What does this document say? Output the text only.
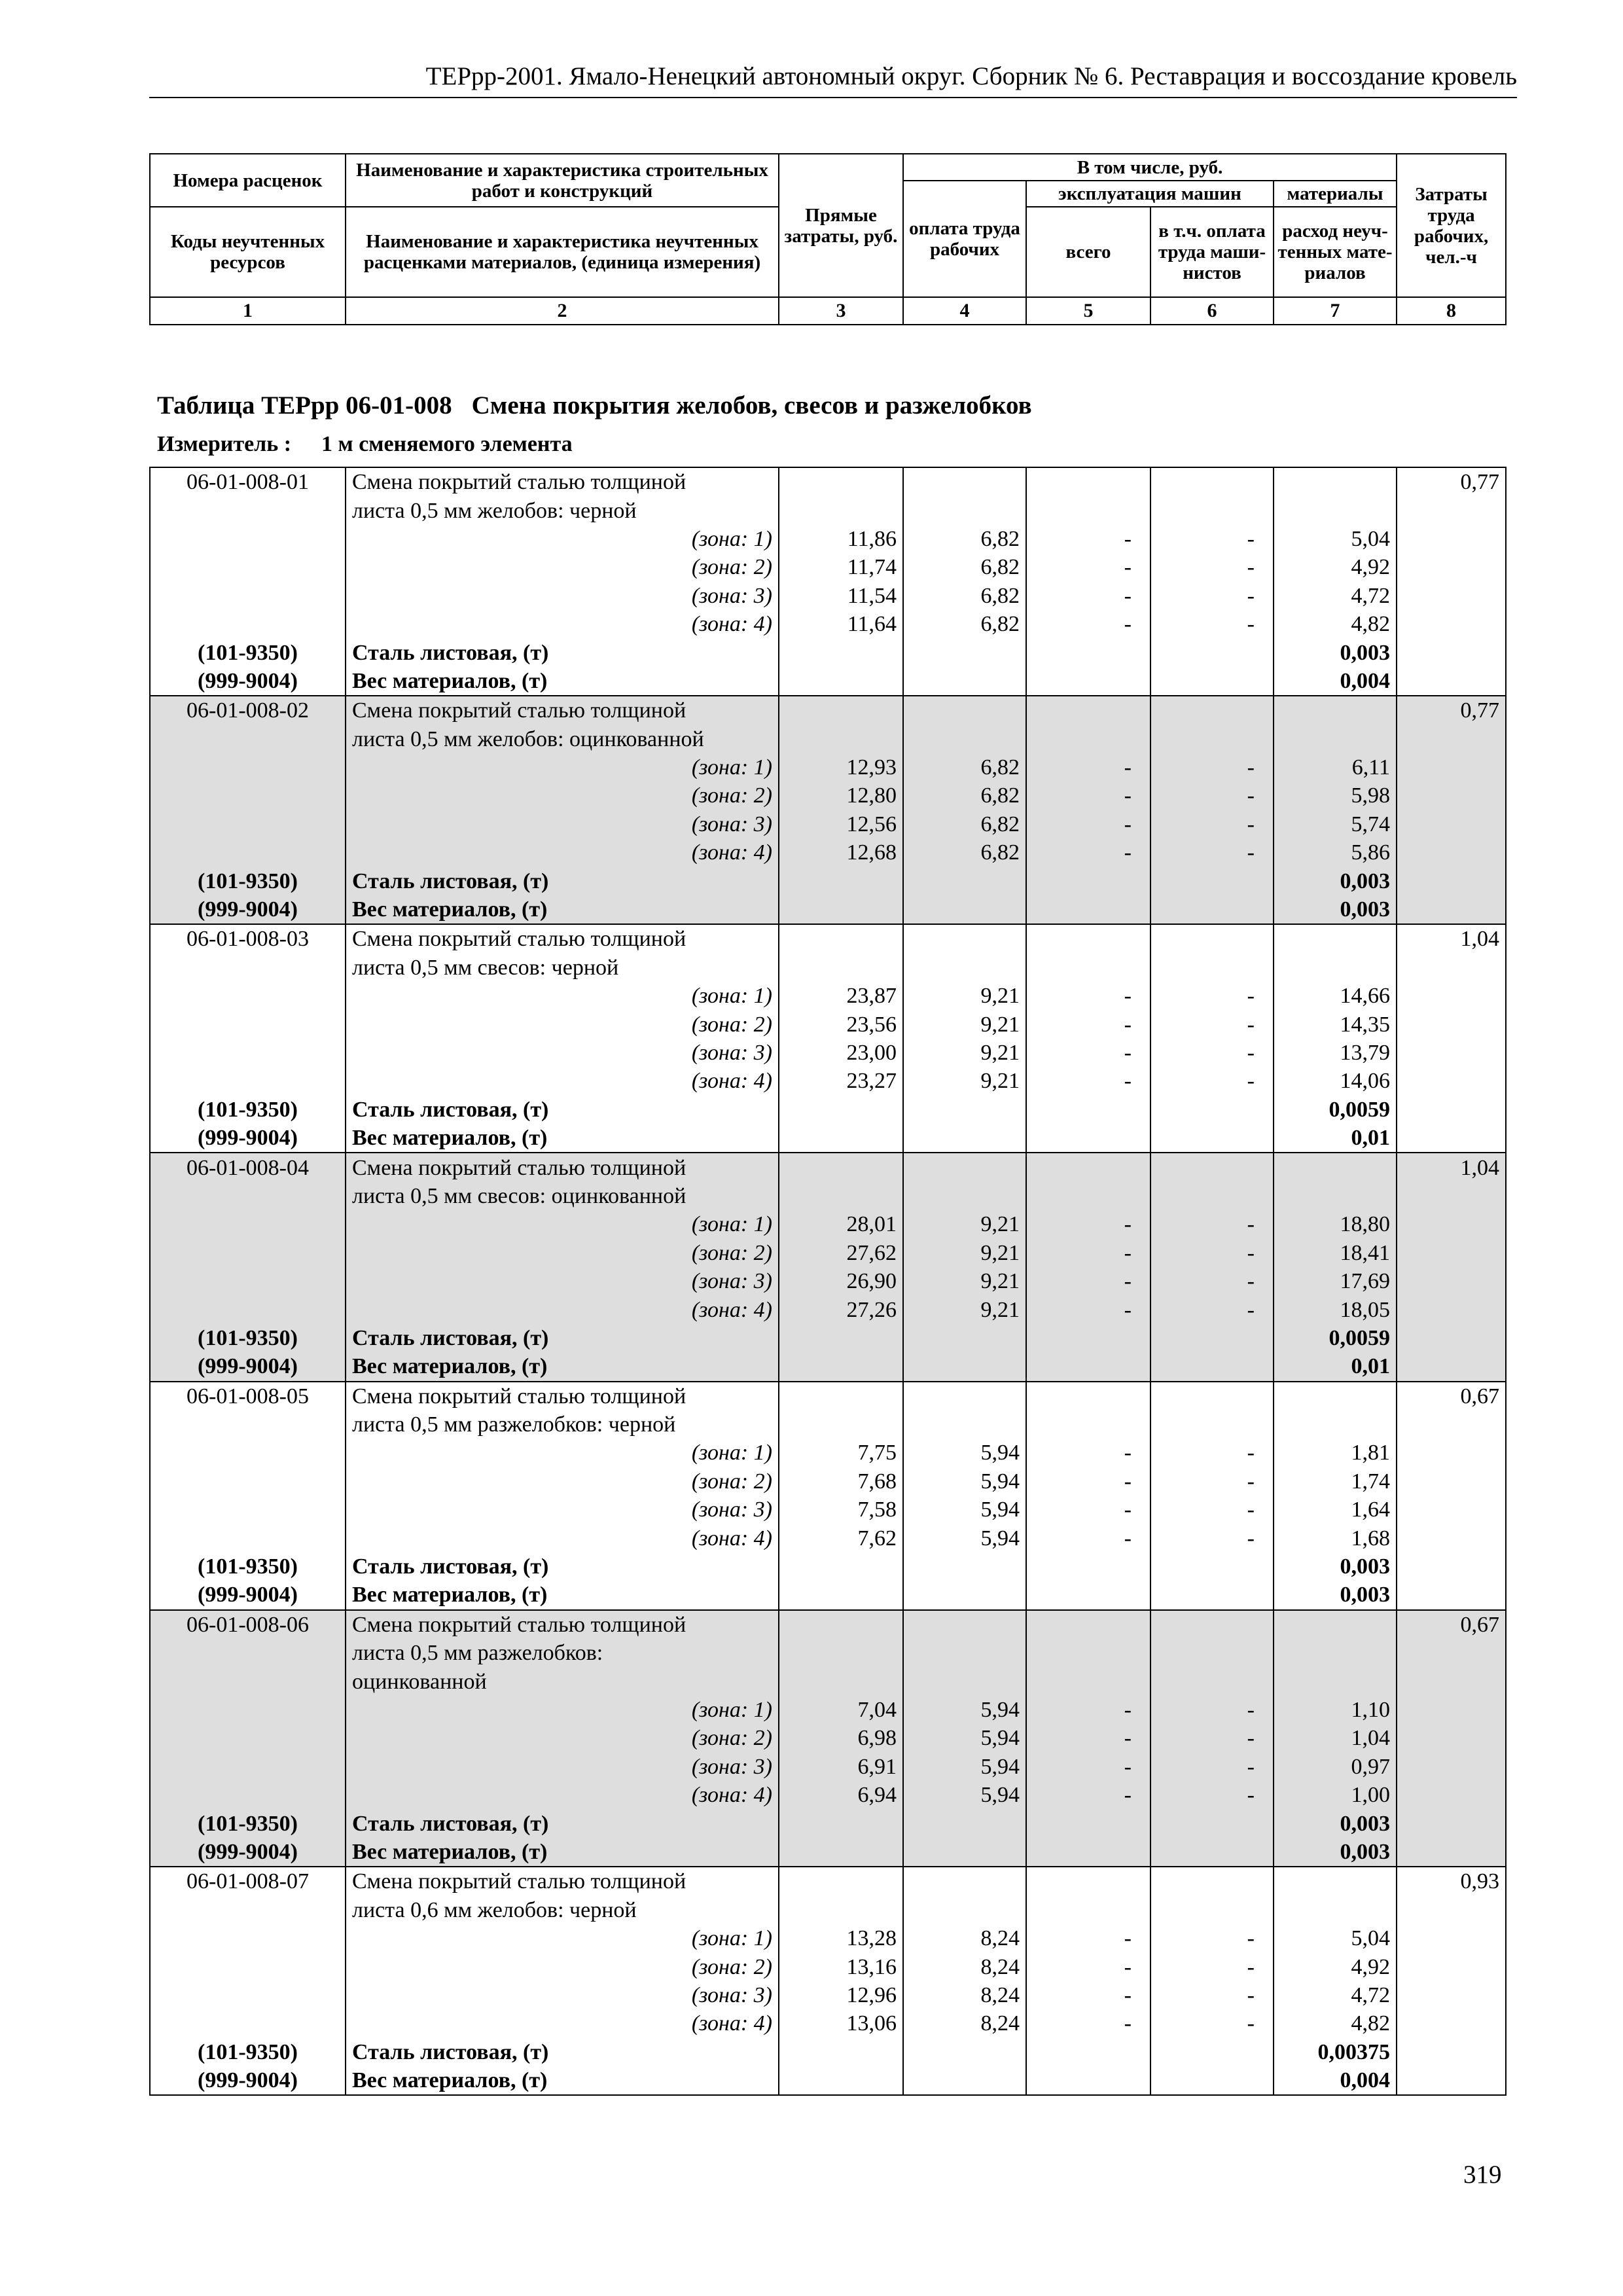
ТЕРрр-2001. Ямало-Ненецкий автономный округ. Сборник № 6. Реставрация и воссоздание кровель
Номера расценок	Наименование и характеристика строительных работ и конструкций	Прямые затраты, руб.	В том числе, руб.				Затраты труда рабочих, чел.-ч
			оплата труда рабочих	эксплуатация машин		материалы	
Коды неучтенных ресурсов	Наименование и характеристика неучтенных расценками материалов, (единица измерения)			всего	в т.ч. оплата труда маши-нистов	расход неуч-тенных мате-риалов	

1	2	3	4	5	6	7	8
Таблица ТЕРрр 06-01-008 Смена покрытия желобов, свесов и разжелобков
Измеритель : 1 м сменяемого элемента
06-01-008-01	Смена покрытий сталью толщиной						0,77
	листа 0,5 мм желобов: черной						
	(зона: 1)	11,86	6,82	-	-	5,04	
	(зона: 2)	11,74	6,82	-	-	4,92	
	(зона: 3)	11,54	6,82	-	-	4,72	
	(зона: 4)	11,64	6,82	-	-	4,82	
(101-9350)	Сталь листовая, (т)					0,003	
(999-9004)	Вес материалов, (т)					0,004	
06-01-008-02	Смена покрытий сталью толщиной						0,77
	листа 0,5 мм желобов: оцинкованной						
	(зона: 1)	12,93	6,82	-	-	6,11	
	(зона: 2)	12,80	6,82	-	-	5,98	
	(зона: 3)	12,56	6,82	-	-	5,74	
	(зона: 4)	12,68	6,82	-	-	5,86	
(101-9350)	Сталь листовая, (т)					0,003	
(999-9004)	Вес материалов, (т)					0,003	
06-01-008-03	Смена покрытий сталью толщиной						1,04
	листа 0,5 мм свесов: черной						
	(зона: 1)	23,87	9,21	-	-	14,66	
	(зона: 2)	23,56	9,21	-	-	14,35	
	(зона: 3)	23,00	9,21	-	-	13,79	
	(зона: 4)	23,27	9,21	-	-	14,06	
(101-9350)	Сталь листовая, (т)					0,0059	
(999-9004)	Вес материалов, (т)					0,01	
06-01-008-04	Смена покрытий сталью толщиной						1,04
	листа 0,5 мм свесов: оцинкованной						
	(зона: 1)	28,01	9,21	-	-	18,80	
	(зона: 2)	27,62	9,21	-	-	18,41	
	(зона: 3)	26,90	9,21	-	-	17,69	
	(зона: 4)	27,26	9,21	-	-	18,05	
(101-9350)	Сталь листовая, (т)					0,0059	
(999-9004)	Вес материалов, (т)					0,01	
06-01-008-05	Смена покрытий сталью толщиной						0,67
	листа 0,5 мм разжелобков: черной						
	(зона: 1)	7,75	5,94	-	-	1,81	
	(зона: 2)	7,68	5,94	-	-	1,74	
	(зона: 3)	7,58	5,94	-	-	1,64	
	(зона: 4)	7,62	5,94	-	-	1,68	
(101-9350)	Сталь листовая, (т)					0,003	
(999-9004)	Вес материалов, (т)					0,003	
06-01-008-06	Смена покрытий сталью толщиной						0,67
	листа 0,5 мм разжелобков:						
	оцинкованной						
	(зона: 1)	7,04	5,94	-	-	1,10	
	(зона: 2)	6,98	5,94	-	-	1,04	
	(зона: 3)	6,91	5,94	-	-	0,97	
	(зона: 4)	6,94	5,94	-	-	1,00	
(101-9350)	Сталь листовая, (т)					0,003	
(999-9004)	Вес материалов, (т)					0,003	
06-01-008-07	Смена покрытий сталью толщиной						0,93
	листа 0,6 мм желобов: черной						
	(зона: 1)	13,28	8,24	-	-	5,04	
	(зона: 2)	13,16	8,24	-	-	4,92	
	(зона: 3)	12,96	8,24	-	-	4,72	
	(зона: 4)	13,06	8,24	-	-	4,82	
(101-9350)	Сталь листовая, (т)					0,00375	
(999-9004)	Вес материалов, (т)					0,004	
319
